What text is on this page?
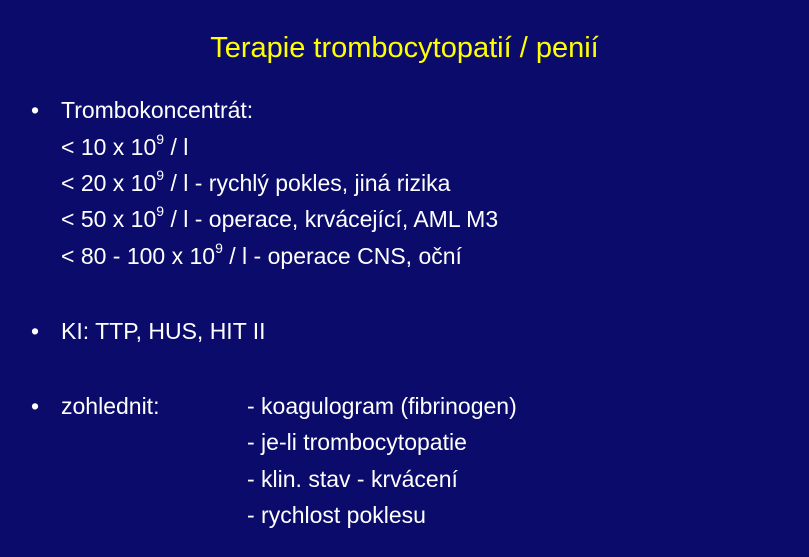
Terapie trombocytopatií / penií
• Trombokoncentrát:
< 10 x $10^9$ / l
< 20 x $10^9$ / l - rychlý pokles, jiná rizika
< 50 x $10^9$ / l - operace, krvácející, AML M3
< 80 - 100 x $10^9$ / l - operace CNS, oční
• KI: TTP, HUS, HIT II
• zohlednit:	- koagulogram (fibrinogen)
- je-li trombocytopatie
- klin. stav - krvácení
- rychlost poklesu
